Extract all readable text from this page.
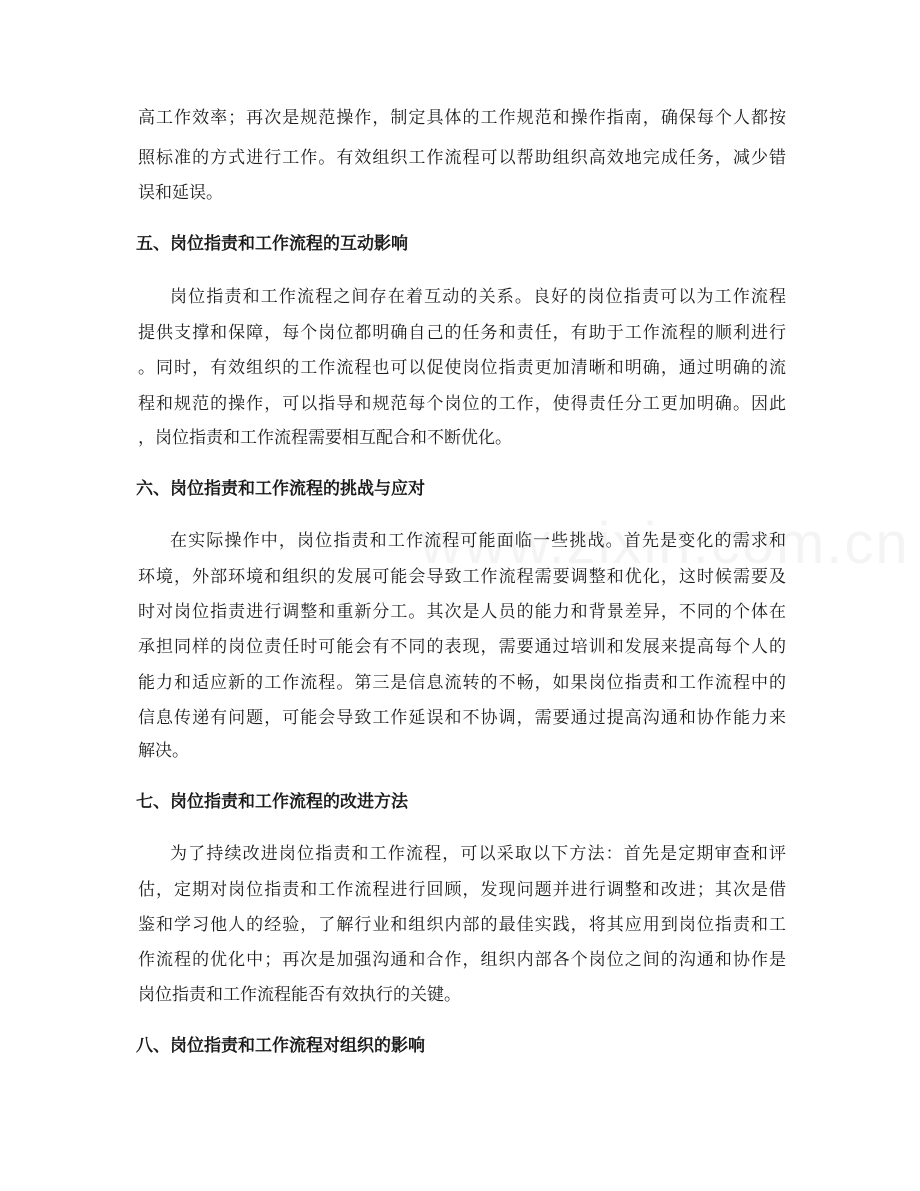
高工作效率；再次是规范操作，制定具体的工作规范和操作指南，确保每个人都按
照标准的方式进行工作。有效组织工作流程可以帮助组织高效地完成任务，减少错
误和延误。
五、岗位指责和工作流程的互动影响
岗位指责和工作流程之间存在着互动的关系。良好的岗位指责可以为工作流程
提供支撑和保障，每个岗位都明确自己的任务和责任，有助于工作流程的顺利进行
。同时，有效组织的工作流程也可以促使岗位指责更加清晰和明确，通过明确的流
程和规范的操作，可以指导和规范每个岗位的工作，使得责任分工更加明确。因此
，岗位指责和工作流程需要相互配合和不断优化。
六、岗位指责和工作流程的挑战与应对
在实际操作中，岗位指责和工作流程可能面临一些挑战。首先是变化的需求和
环境，外部环境和组织的发展可能会导致工作流程需要调整和优化，这时候需要及
时对岗位指责进行调整和重新分工。其次是人员的能力和背景差异，不同的个体在
承担同样的岗位责任时可能会有不同的表现，需要通过培训和发展来提高每个人的
能力和适应新的工作流程。第三是信息流转的不畅，如果岗位指责和工作流程中的
信息传递有问题，可能会导致工作延误和不协调，需要通过提高沟通和协作能力来
解决。
七、岗位指责和工作流程的改进方法
为了持续改进岗位指责和工作流程，可以采取以下方法：首先是定期审查和评
估，定期对岗位指责和工作流程进行回顾，发现问题并进行调整和改进；其次是借
鉴和学习他人的经验，了解行业和组织内部的最佳实践，将其应用到岗位指责和工
作流程的优化中；再次是加强沟通和合作，组织内部各个岗位之间的沟通和协作是
岗位指责和工作流程能否有效执行的关键。
八、岗位指责和工作流程对组织的影响
